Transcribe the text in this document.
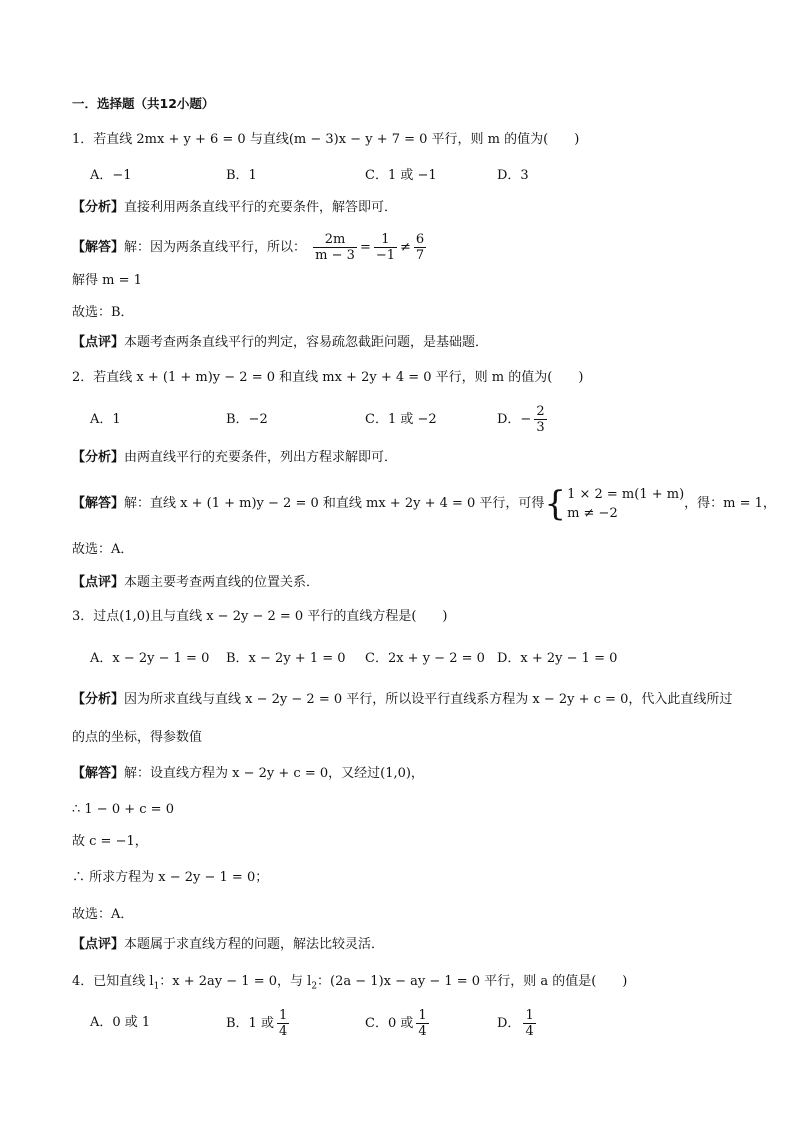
一．选择题（共12小题）
1．若直线 2mx + y + 6 = 0 与直线(m − 3)x − y + 7 = 0 平行，则 m 的值为(　　)
A．−1	B．1	C．1 或 −1	D．3
【分析】直接利用两条直线平行的充要条件，解答即可．
【解答】解：因为两条直线平行，所以： $\frac{2m}{m - 3} = \frac{1}{-1} \ne \frac{6}{7}$
解得 m = 1
故选：B．
【点评】本题考查两条直线平行的判定，容易疏忽截距问题，是基础题．
2．若直线 x + (1 + m)y − 2 = 0 和直线 mx + 2y + 4 = 0 平行，则 m 的值为(　　)
A．1	B．−2	C．1 或 −2	D．− $\frac{2}{3}$
【分析】由两直线平行的充要条件，列出方程求解即可．
【解答】解：直线 x + (1 + m)y − 2 = 0 和直线 mx + 2y + 4 = 0 平行，可得{ 1 × 2 = m(1 + m)
m ≠ −2
，得：m = 1，
故选：A．
【点评】本题主要考查两直线的位置关系．
3．过点(1,0)且与直线 x − 2y − 2 = 0 平行的直线方程是(　　)
A．x − 2y − 1 = 0 B．x − 2y + 1 = 0 C．2x + y − 2 = 0 D．x + 2y − 1 = 0
【分析】因为所求直线与直线 x − 2y − 2 = 0 平行，所以设平行直线系方程为 x − 2y + c = 0，代入此直线所过
的点的坐标，得参数值
【解答】解：设直线方程为 x − 2y + c = 0，又经过(1,0)，
∴ 1 − 0 + c = 0
故 c = −1，
∴ 所求方程为 x − 2y − 1 = 0；
故选：A．
【点评】本题属于求直线方程的问题，解法比较灵活．
4．已知直线 $l_1$：x + 2ay − 1 = 0，与 $l_2$：(2a − 1)x − ay − 1 = 0 平行，则 a 的值是(　　)
A．0 或 1	B．1 或 $\frac{1}{4}$	C．0 或 $\frac{1}{4}$	D． $\frac{1}{4}$
